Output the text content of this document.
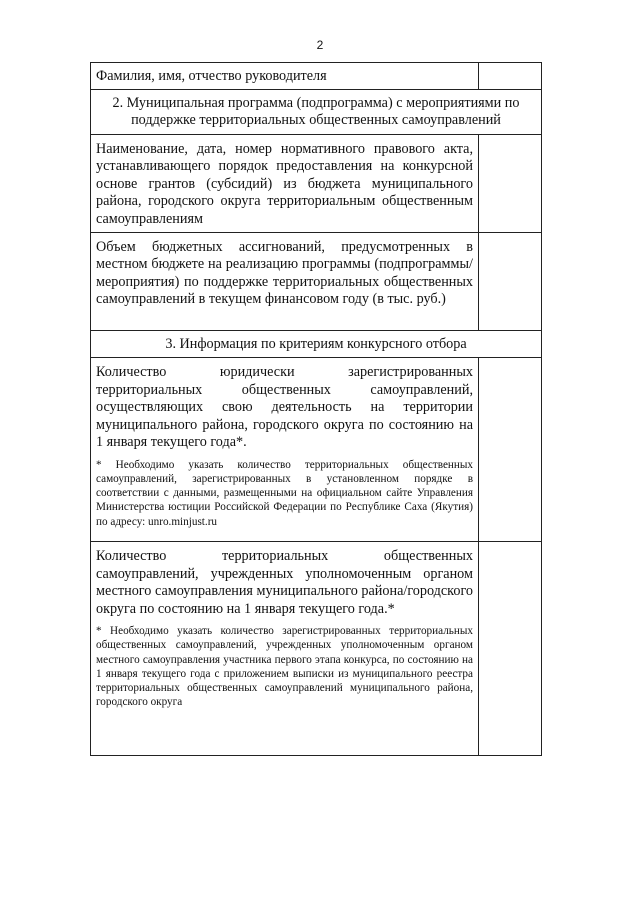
2
Фамилия, имя, отчество руководителя	

2. Муниципальная программа (подпрограмма) с мероприятиями по поддержке территориальных общественных самоуправлений	

Наименование, дата, номер нормативного правового акта, устанавливающего порядок предоставления на конкурсной основе грантов (субсидий) из бюджета муниципального района, городского округа территориальным общественным самоуправлениям	

Объем бюджетных ассигнований, предусмотренных в местном бюджете на реализацию программы (подпрограммы/мероприятия) по поддержке территориальных общественных самоуправлений в текущем финансовом году (в тыс. руб.)	

3. Информация по критериям конкурсного отбора	

Количество юридически зарегистрированных территориальных общественных самоуправлений, осуществляющих свою деятельность на территории муниципального района, городского округа по состоянию на 1 января текущего года*.
* Необходимо указать количество территориальных общественных самоуправлений, зарегистрированных в установленном порядке в соответствии с данными, размещенными на официальном сайте Управления Министерства юстиции Российской Федерации по Республике Саха (Якутия) по адресу: unro.minjust.ru	

Количество территориальных общественных самоуправлений, учрежденных уполномоченным органом местного самоуправления муниципального района/городского округа по состоянию на 1 января текущего года.*
* Необходимо указать количество зарегистрированных территориальных общественных самоуправлений, учрежденных уполномоченным органом местного самоуправления участника первого этапа конкурса, по состоянию на 1 января текущего года с приложением выписки из муниципального реестра территориальных общественных самоуправлений муниципального района, городского округа	
